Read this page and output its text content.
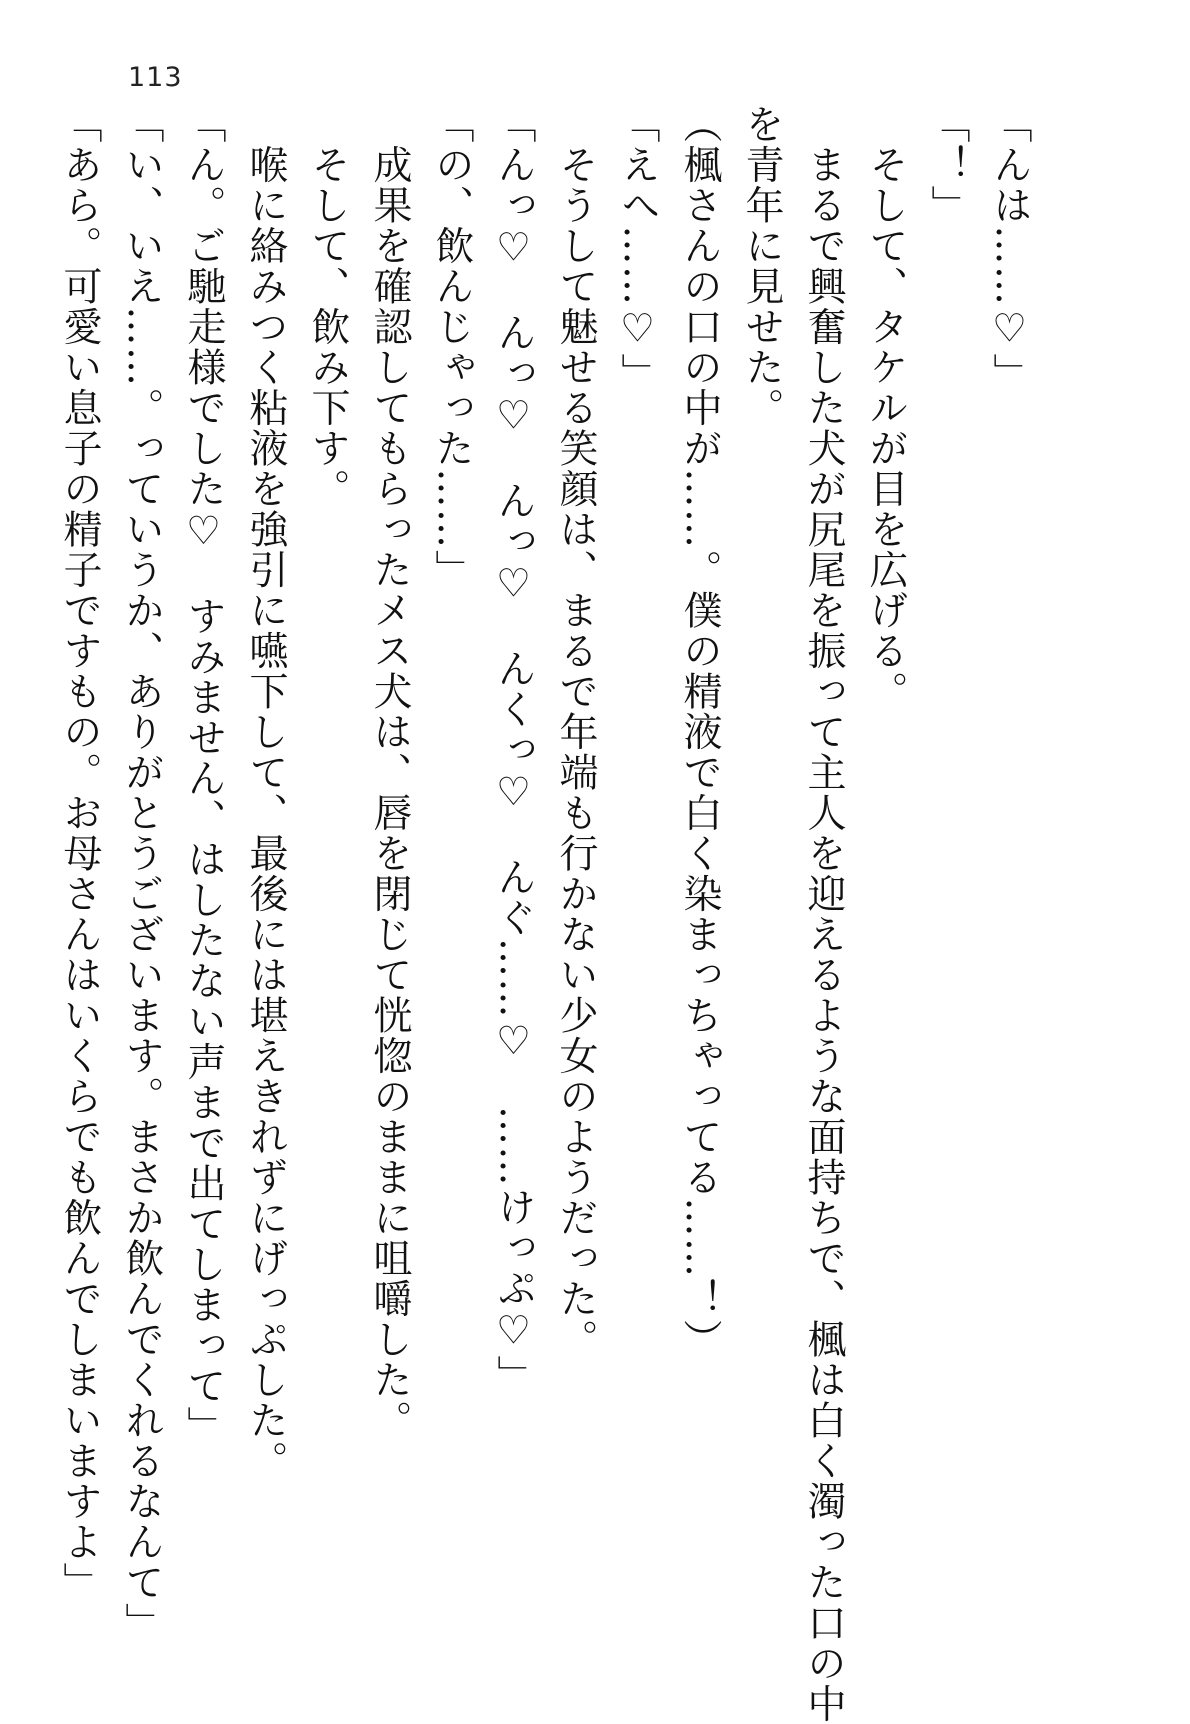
113
「んは……♡」
「！」
　そして、タケルが目を広げる。
　まるで興奮した犬が尻尾を振って主人を迎えるような面持ちで、楓は白く濁った口の中
を青年に見せた。
（楓さんの口の中が……。僕の精液で白く染まっちゃってる……！）
「えへ……♡」
　そうして魅せる笑顔は、まるで年端も行かない少女のようだった。
「んっ♡　んっ♡　んっ♡　んくっ♡　んぐ……♡　……けっぷ♡」
「の、飲んじゃった……」
　成果を確認してもらったメス犬は、唇を閉じて恍惚のままに咀嚼した。
　そして、飲み下す。
　喉に絡みつく粘液を強引に嚥下して、最後には堪えきれずにげっぷした。
「ん。ご馳走様でした♡　すみません、はしたない声まで出てしまって」
「い、いえ……。っていうか、ありがとうございます。まさか飲んでくれるなんて」
「あら。可愛い息子の精子ですもの。お母さんはいくらでも飲んでしまいますよ」
